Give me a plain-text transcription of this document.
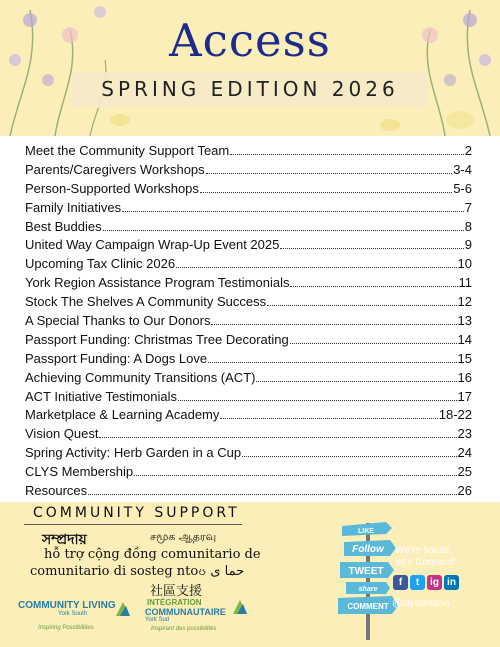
Access
SPRING EDITION 2026
Meet the Community Support Team	2
Parents/Caregivers Workshops	3-4
Person-Supported Workshops	5-6
Family Initiatives	7
Best Buddies	8
United Way Campaign Wrap-Up Event 2025	9
Upcoming Tax Clinic 2026	10
York Region Assistance Program Testimonials	11
Stock The Shelves A Community Success	12
A Special Thanks to Our Donors	13
Passport Funding: Christmas Tree Decorating	14
Passport Funding: A Dogs Love	15
Achieving Community Transitions (ACT)	16
ACT Initiative Testimonials	17
Marketplace & Learning Academy	18-22
Vision Quest	23
Spring Activity: Herb Garden in a Cup	24
CLYS Membership	25
Resources	26
COMMUNITY SUPPORT
সম্প্রদায়	சமூக ஆதரவு
hỗ trợ cộng đồng comunitario de
comunitario di sosteg ntoၓ حما ی
社區支援
COMMUNITY LIVING
York South
Inspiring Possibilities
INTÉGRATION
COMMUNAUTAIRE
York Sud
Inspirant des possibilités
LIKE
Follow
TWEET
share
COMMENT
We're social,
let's Connect!
f	t	ig in
@clysontario
